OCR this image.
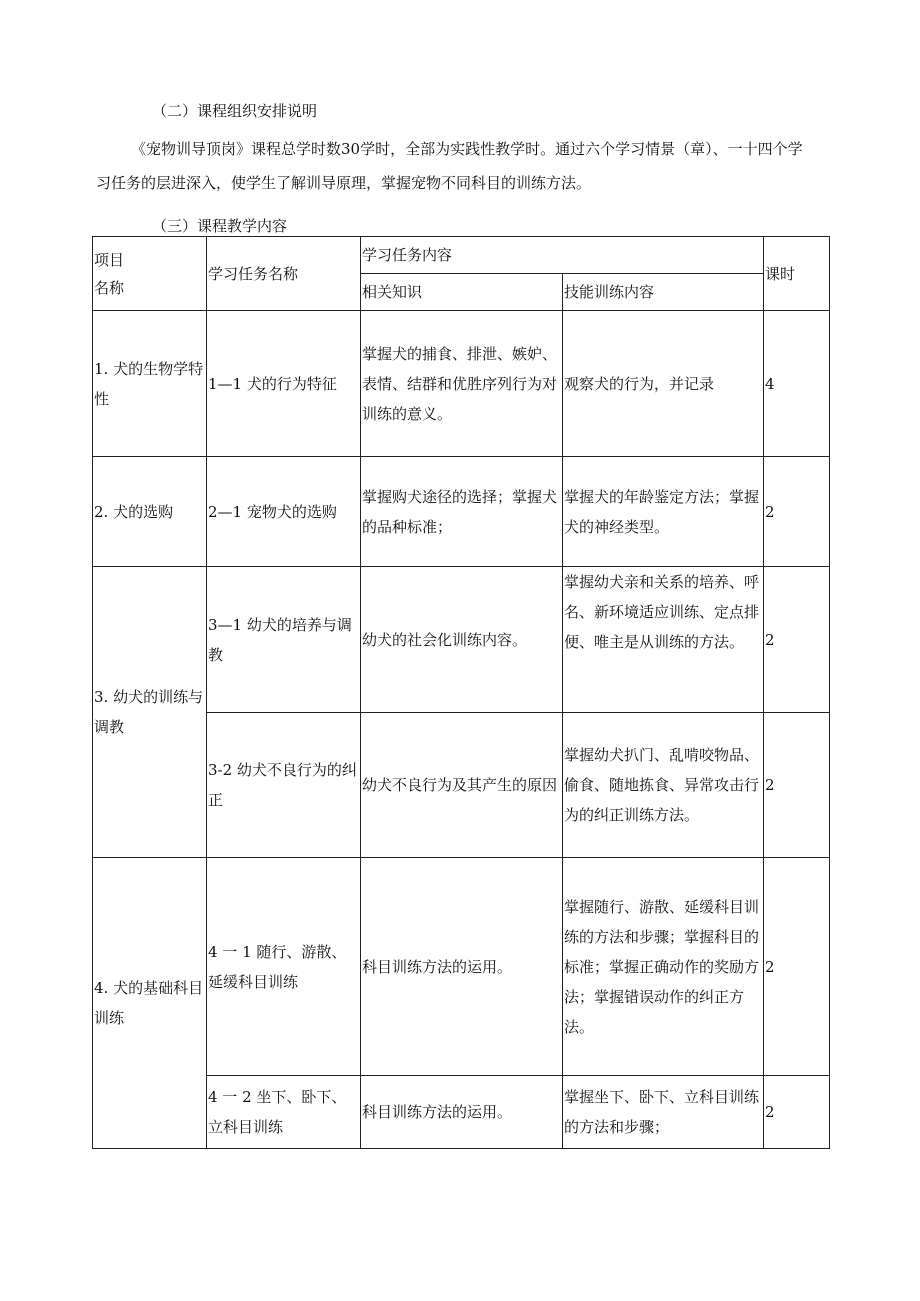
（二）课程组织安排说明
《宠物训导顶岗》课程总学时数30学时，全部为实践性教学时。通过六个学习情景（章）、一十四个学习任务的层进深入，使学生了解训导原理，掌握宠物不同科目的训练方法。
（三）课程教学内容
项目
名称	学习任务名称	学习任务内容		课时
		相关知识	技能训练内容	
1. 犬的生物学特性	1—1 犬的行为特征	掌握犬的捕食、排泄、嫉妒、表情、结群和优胜序列行为对训练的意义。	观察犬的行为，并记录	4
2. 犬的选购	2—1 宠物犬的选购	掌握购犬途径的选择；掌握犬的品种标准；	掌握犬的年龄鉴定方法；掌握犬的神经类型。	2
3. 幼犬的训练与调教	3—1 幼犬的培养与调教	幼犬的社会化训练内容。	掌握幼犬亲和关系的培养、呼名、新环境适应训练、定点排便、唯主是从训练的方法。	2
	3-2 幼犬不良行为的纠正	幼犬不良行为及其产生的原因	掌握幼犬扒门、乱啃咬物品、偷食、随地拣食、异常攻击行为的纠正训练方法。	2
4. 犬的基础科目训练	4 一 1 随行、游散、延缓科目训练	科目训练方法的运用。	掌握随行、游散、延缓科目训练的方法和步骤；掌握科目的标准；掌握正确动作的奖励方法；掌握错误动作的纠正方法。	2
	4 一 2 坐下、卧下、立科目训练	科目训练方法的运用。	掌握坐下、卧下、立科目训练的方法和步骤；	2
